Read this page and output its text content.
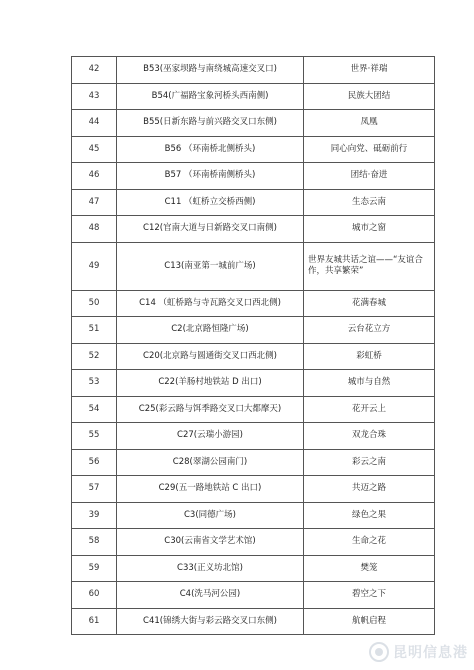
42	B53(巫家坝路与南绕城高速交叉口)	世界·祥瑞
43	B54(广福路宝象河桥头西南侧)	民族大团结
44	B55(日新东路与前兴路交叉口东侧)	凤凰
45	B56 （环南桥北侧桥头)	同心向党、砥砺前行
46	B57 （环南桥南侧桥头)	团结·奋进
47	C11 （虹桥立交桥西侧)	生态云南
48	C12(官南大道与日新路交叉口南侧)	城市之窗
49	C13(南亚第一城前广场)	世界友城共话之谊——“友谊合作，共享繁荣”
50	C14 （虹桥路与寺瓦路交叉口西北侧)	花满春城
51	C2(北京路恒隆广场)	云台花立方
52	C20(北京路与圆通街交叉口西北侧)	彩虹桥
53	C22(羊肠村地铁站 D 出口)	城市与自然
54	C25(彩云路与饵季路交叉口大都摩天)	花开云上
55	C27(云瑞小游园)	双龙合珠
56	C28(翠湖公园南门)	彩云之南
57	C29(五一路地铁站 C 出口)	共迈之路
39	C3(同德广场)	绿色之果
58	C30(云南省文学艺术馆)	生命之花
59	C33(正义坊北馆)	樊笼
60	C4(洗马河公园)	碧空之下
61	C41(锦绣大街与彩云路交叉口东侧)	航帆启程
昆明信息港
